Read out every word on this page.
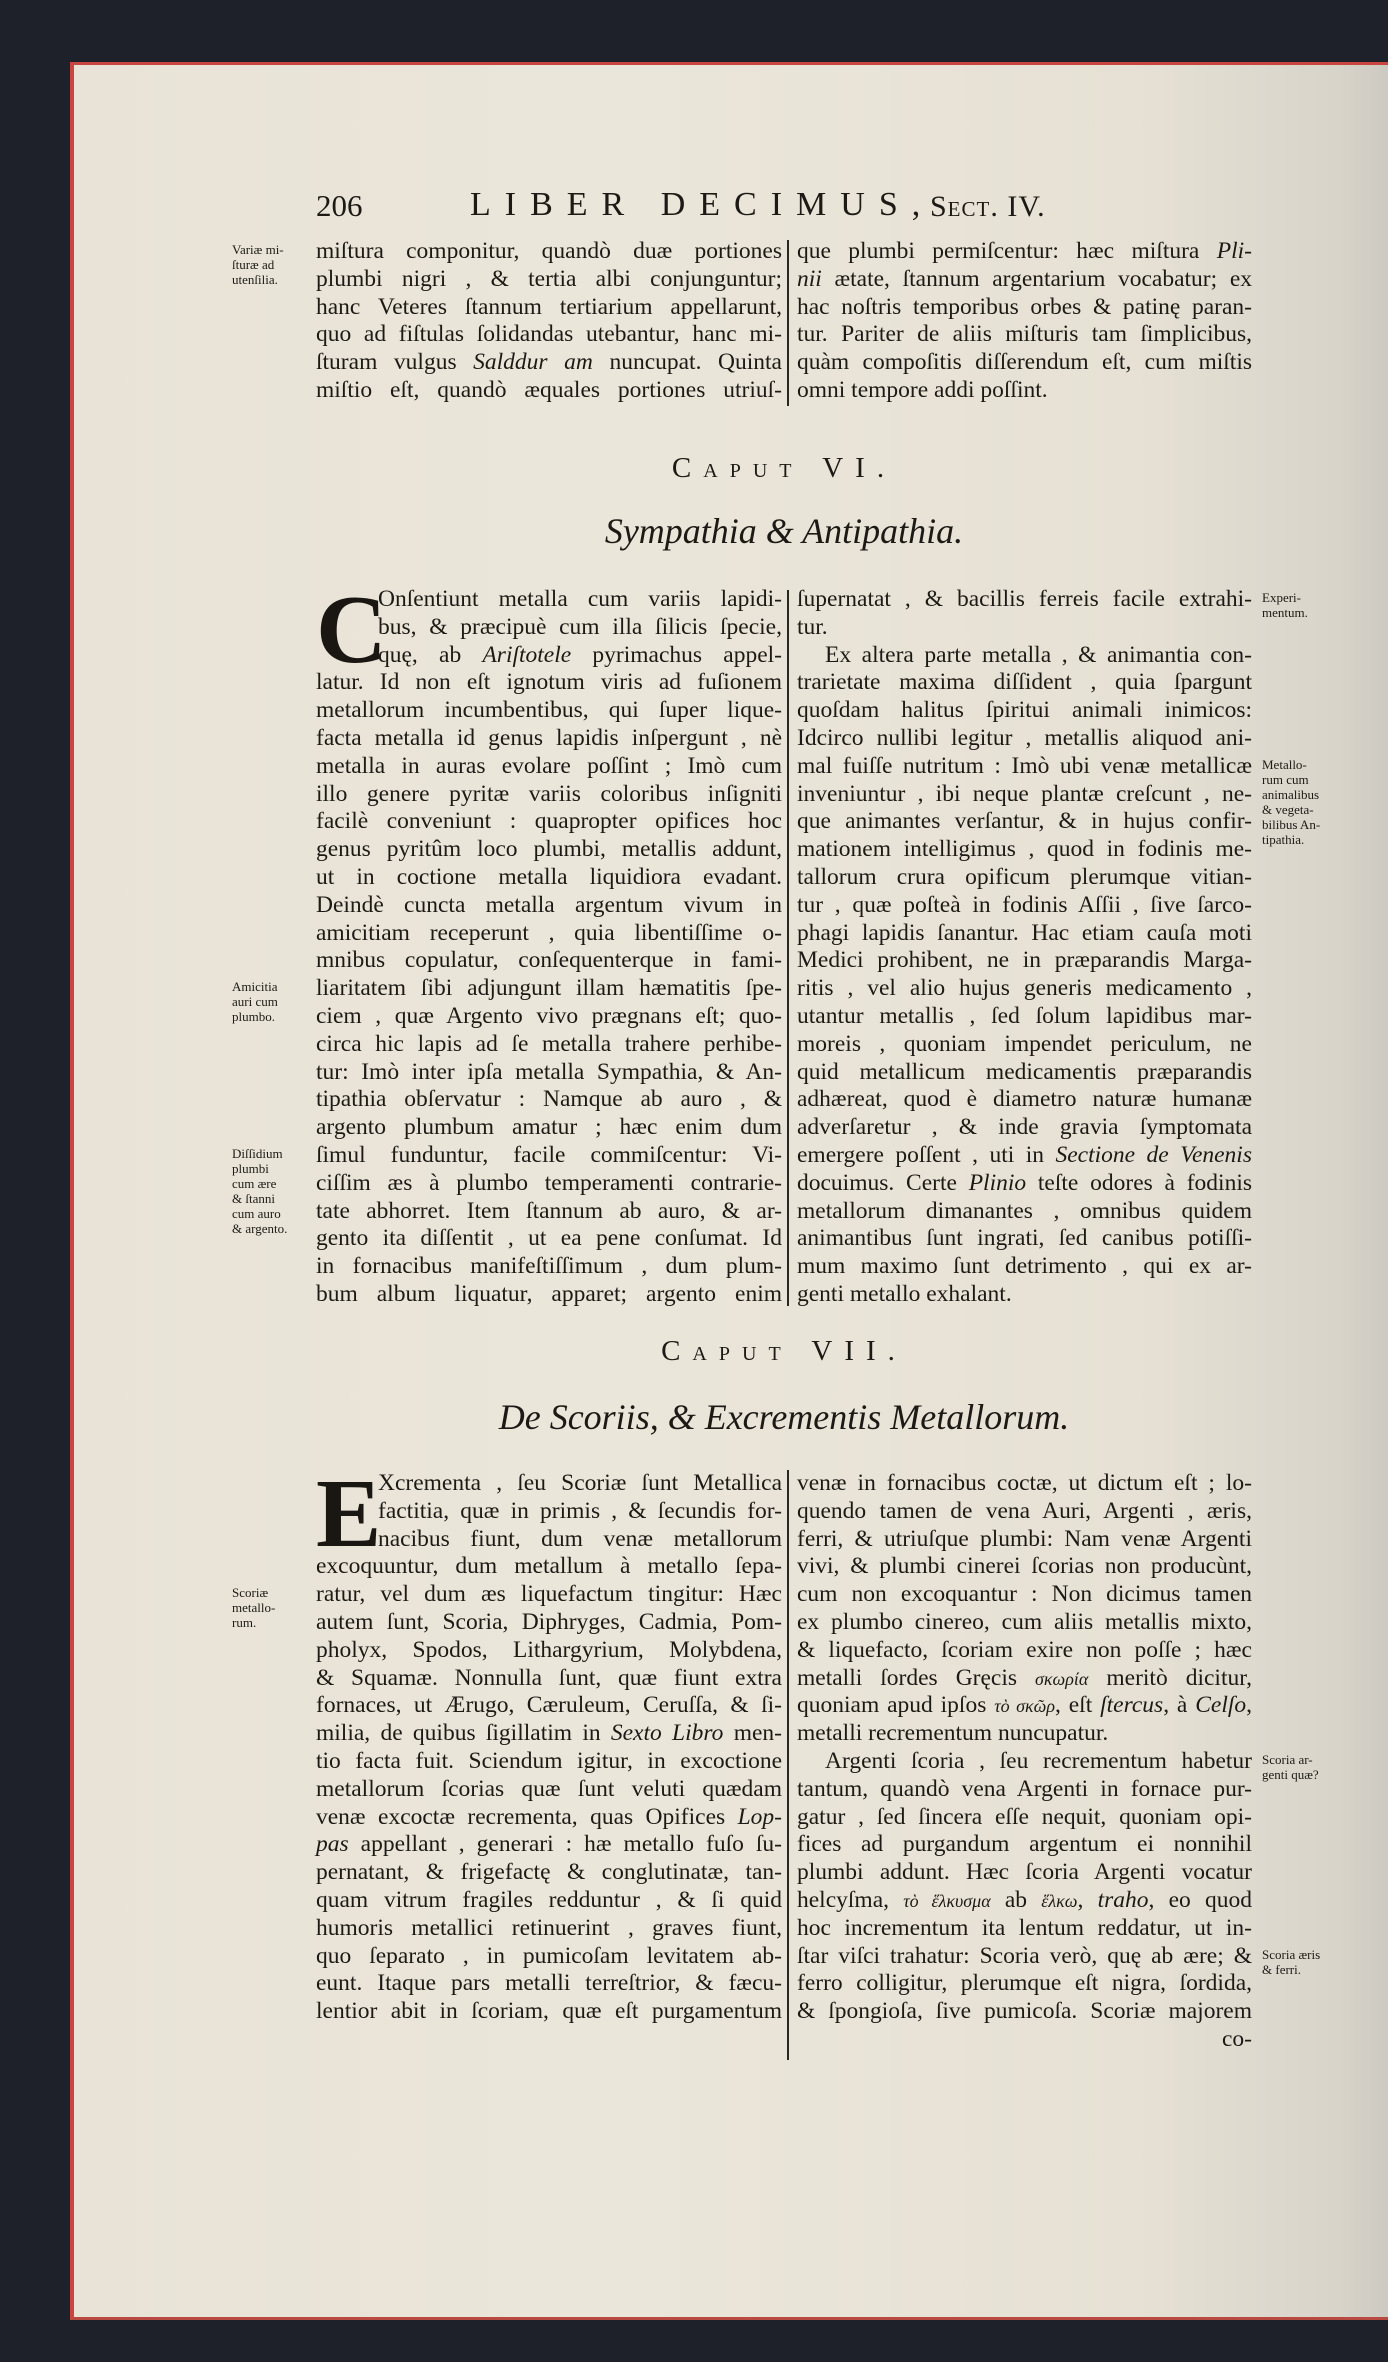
206	LIBER DECIMUS,
Sect. IV.
Caput VI.
Sympathia & Antipathia.
Caput VII.
De Scoriis, & Excrementis Metallorum.
miſtura componitur, quandò duæ portiones
plumbi nigri , & tertia albi conjunguntur;
hanc Veteres ſtannum tertiarium appellarunt,
quo ad fiſtulas ſolidandas utebantur, hanc mi-
ſturam vulgus Salddur am nuncupat. Quinta
miſtio eſt, quandò æquales portiones utriuſ-
que plumbi permiſcentur: hæc miſtura Pli-
nii ætate, ſtannum argentarium vocabatur; ex
hac noſtris temporibus orbes & patinę paran-
tur. Pariter de aliis miſturis tam ſimplicibus,
quàm compoſitis diſſerendum eſt, cum miſtis
omni tempore addi poſſint.
Onſentiunt metalla cum variis lapidi-
bus, & præcipuè cum illa ſilicis ſpecie,
quę, ab Ariſtotele pyrimachus appel-
latur. Id non eſt ignotum viris ad fuſionem
metallorum incumbentibus, qui ſuper lique-
facta metalla id genus lapidis inſpergunt , nè
metalla in auras evolare poſſint ; Imò cum
illo genere pyritæ variis coloribus inſigniti
facilè conveniunt : quapropter opifices hoc
genus pyritûm loco plumbi, metallis addunt,
ut in coctione metalla liquidiora evadant.
Deindè cuncta metalla argentum vivum in
amicitiam receperunt , quia libentiſſime o-
mnibus copulatur, conſequenterque in fami-
liaritatem ſibi adjungunt illam hæmatitis ſpe-
ciem , quæ Argento vivo prægnans eſt; quo-
circa hic lapis ad ſe metalla trahere perhibe-
tur: Imò inter ipſa metalla Sympathia, & An-
tipathia obſervatur : Namque ab auro , &
argento plumbum amatur ; hæc enim dum
ſimul funduntur, facile commiſcentur: Vi-
ciſſim æs à plumbo temperamenti contrarie-
tate abhorret. Item ſtannum ab auro, & ar-
gento ita diſſentit , ut ea pene conſumat. Id
in fornacibus manifeſtiſſimum , dum plum-
bum album liquatur, apparet; argento enim
ſupernatat , & bacillis ferreis facile extrahi-
tur.
Ex altera parte metalla , & animantia con-
trarietate maxima diſſident , quia ſpargunt
quoſdam halitus ſpiritui animali inimicos:
Idcirco nullibi legitur , metallis aliquod ani-
mal fuiſſe nutritum : Imò ubi venæ metallicæ
inveniuntur , ibi neque plantæ creſcunt , ne-
que animantes verſantur, & in hujus confir-
mationem intelligimus , quod in fodinis me-
tallorum crura opificum plerumque vitian-
tur , quæ poſteà in fodinis Aſſii , ſive ſarco-
phagi lapidis ſanantur. Hac etiam cauſa moti
Medici prohibent, ne in præparandis Marga-
ritis , vel alio hujus generis medicamento ,
utantur metallis , ſed ſolum lapidibus mar-
moreis , quoniam impendet periculum, ne
quid metallicum medicamentis præparandis
adhæreat, quod è diametro naturæ humanæ
adverſaretur , & inde gravia ſymptomata
emergere poſſent , uti in Sectione de Venenis
docuimus. Certe Plinio teſte odores à fodinis
metallorum dimanantes , omnibus quidem
animantibus ſunt ingrati, ſed canibus potiſſi-
mum maximo ſunt detrimento , qui ex ar-
genti metallo exhalant.
C
Xcrementa , ſeu Scoriæ ſunt Metallica
factitia, quæ in primis , & ſecundis for-
nacibus fiunt, dum venæ metallorum
excoquuntur, dum metallum à metallo ſepa-
ratur, vel dum æs liquefactum tingitur: Hæc
autem ſunt, Scoria, Diphryges, Cadmia, Pom-
pholyx, Spodos, Lithargyrium, Molybdena,
& Squamæ. Nonnulla ſunt, quæ fiunt extra
fornaces, ut Ærugo, Cæruleum, Ceruſſa, & ſi-
milia, de quibus ſigillatim in Sexto Libro men-
tio facta fuit. Sciendum igitur, in excoctione
metallorum ſcorias quæ ſunt veluti quædam
venæ excoctæ recrementa, quas Opifices Lop-
pas appellant , generari : hæ metallo fuſo ſu-
pernatant, & frigefactę & conglutinatæ, tan-
quam vitrum fragiles redduntur , & ſi quid
humoris metallici retinuerint , graves fiunt,
quo ſeparato , in pumicoſam levitatem ab-
eunt. Itaque pars metalli terreſtrior, & fæcu-
lentior abit in ſcoriam, quæ eſt purgamentum
venæ in fornacibus coctæ, ut dictum eſt ; lo-
quendo tamen de vena Auri, Argenti , æris,
ferri, & utriuſque plumbi: Nam venæ Argenti
vivi, & plumbi cinerei ſcorias non producùnt,
cum non excoquantur : Non dicimus tamen
ex plumbo cinereo, cum aliis metallis mixto,
& liquefacto, ſcoriam exire non poſſe ; hæc
metalli ſordes Gręcis σκωρία meritò dicitur,
quoniam apud ipſos τὸ σκῶρ, eſt ſtercus, à Celſo,
metalli recrementum nuncupatur.
Argenti ſcoria , ſeu recrementum habetur
tantum, quandò vena Argenti in fornace pur-
gatur , ſed ſincera eſſe nequit, quoniam opi-
fices ad purgandum argentum ei nonnihil
plumbi addunt. Hæc ſcoria Argenti vocatur
helcyſma, τὸ ἕλκυσμα ab ἕλκω, traho, eo quod
hoc incrementum ita lentum reddatur, ut in-
ſtar viſci trahatur: Scoria verò, quę ab ære; &
ferro colligitur, plerumque eſt nigra, ſordida,
& ſpongioſa, ſive pumicoſa. Scoriæ majorem
co-
E
Variæ mi-
ſturæ ad
utenſilia.
Experi-
mentum.
Metallo-
rum cum
animalibus
& vegeta-
bilibus An-
tipathia.
Amicitia
auri cum
plumbo.
Diſſidium
plumbi
cum ære
& ſtanni
cum auro
& argento.
Scoriæ
metallo-
rum.
Scoria ar-
genti quæ?
Scoria æris
& ferri.
